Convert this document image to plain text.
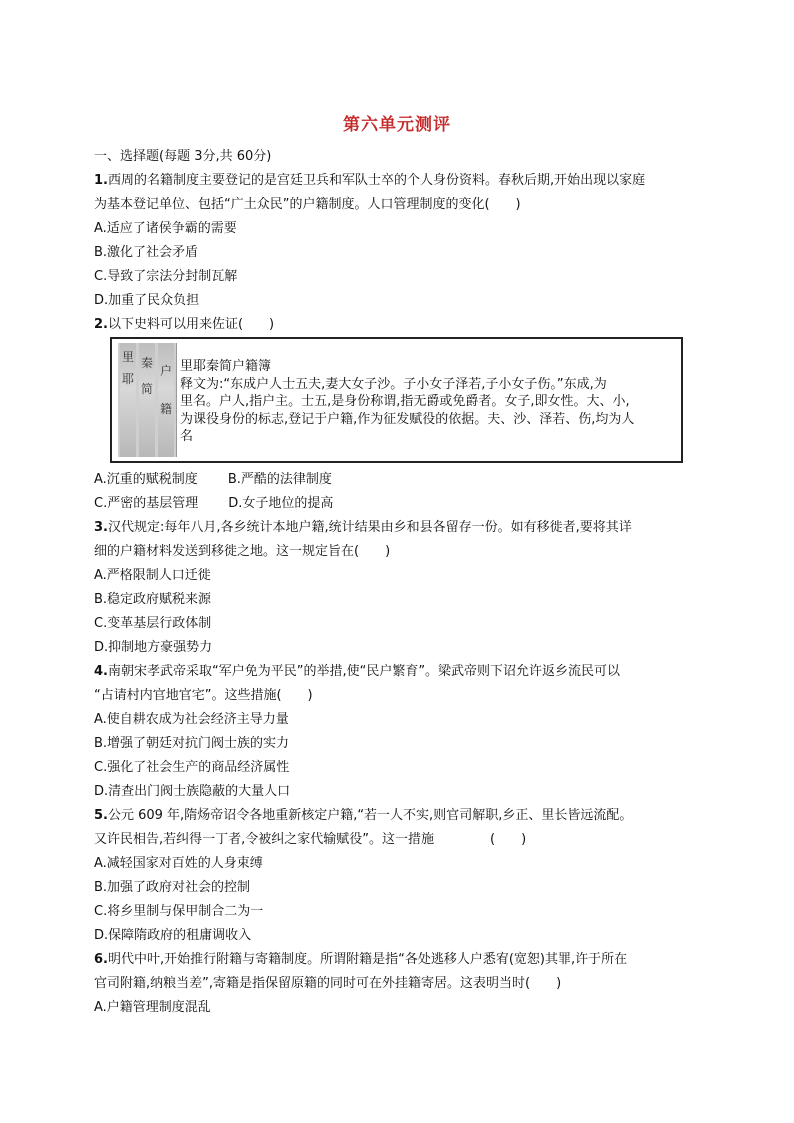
第六单元测评
一、选择题(每题 3分,共 60分)
1.西周的名籍制度主要登记的是宫廷卫兵和军队士卒的个人身份资料。春秋后期,开始出现以家庭
为基本登记单位、包括“广土众民”的户籍制度。人口管理制度的变化(　　)
A.适应了诸侯争霸的需要
B.激化了社会矛盾
C.导致了宗法分封制瓦解
D.加重了民众负担
2.以下史料可以用来佐证(　　)
里
耶
秦
简
户
籍
里耶秦简户籍簿
释文为:“东成户人士五夫,妻大女子沙。子小女子泽若,子小女子伤。”东成,为
里名。户人,指户主。士五,是身份称谓,指无爵或免爵者。女子,即女性。大、小,
为课役身份的标志,登记于户籍,作为征发赋役的依据。夫、沙、泽若、伤,均为人
名
A.沉重的赋税制度 B.严酷的法律制度
C.严密的基层管理 D.女子地位的提高
3.汉代规定:每年八月,各乡统计本地户籍,统计结果由乡和县各留存一份。如有移徙者,要将其详
细的户籍材料发送到移徙之地。这一规定旨在(　　)
A.严格限制人口迁徙
B.稳定政府赋税来源
C.变革基层行政体制
D.抑制地方豪强势力
4.南朝宋孝武帝采取“军户免为平民”的举措,使“民户繁育”。梁武帝则下诏允许返乡流民可以
“占请村内官地官宅”。这些措施(　　)
A.使自耕农成为社会经济主导力量
B.增强了朝廷对抗门阀士族的实力
C.强化了社会生产的商品经济属性
D.清查出门阀士族隐蔽的大量人口
5.公元 609 年,隋炀帝诏令各地重新核定户籍,“若一人不实,则官司解职,乡正、里长皆远流配。
又许民相告,若纠得一丁者,令被纠之家代输赋役”。这一措施	(　　)
A.减轻国家对百姓的人身束缚
B.加强了政府对社会的控制
C.将乡里制与保甲制合二为一
D.保障隋政府的租庸调收入
6.明代中叶,开始推行附籍与寄籍制度。所谓附籍是指“各处逃移人户悉宥(宽恕)其罪,许于所在
官司附籍,纳粮当差”,寄籍是指保留原籍的同时可在外挂籍寄居。这表明当时(　　)
A.户籍管理制度混乱
